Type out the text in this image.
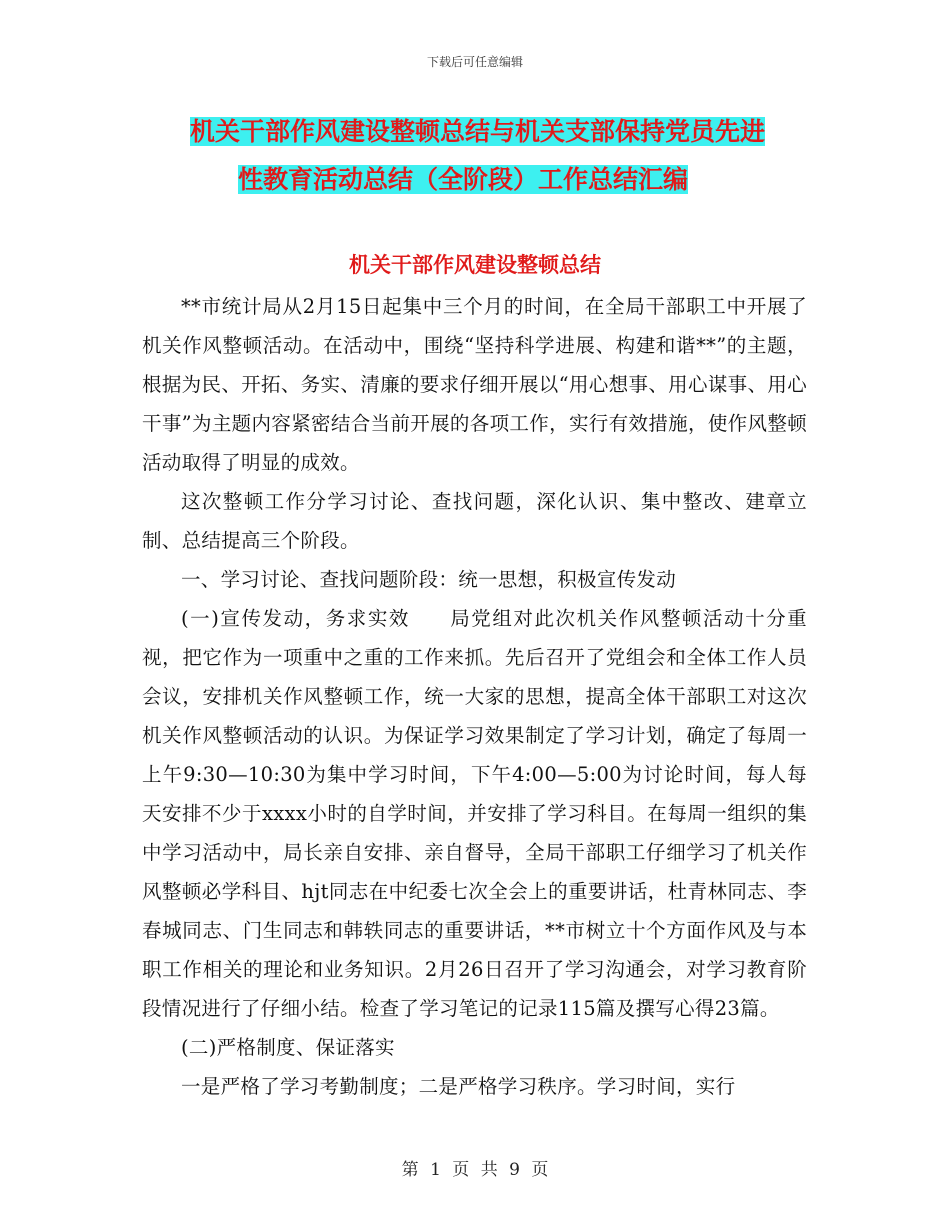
下载后可任意编辑
机关干部作风建设整顿总结与机关支部保持党员先进
性教育活动总结（全阶段）工作总结汇编
机关干部作风建设整顿总结

**市统计局从2月15日起集中三个月的时间，在全局干部职工中开展了机关作风整顿活动。在活动中，围绕“坚持科学进展、构建和谐**”的主题，根据为民、开拓、务实、清廉的要求仔细开展以“用心想事、用心谋事、用心干事”为主题内容紧密结合当前开展的各项工作，实行有效措施，使作风整顿活动取得了明显的成效。

这次整顿工作分学习讨论、查找问题，深化认识、集中整改、建章立制、总结提高三个阶段。

一、学习讨论、查找问题阶段：统一思想，积极宣传发动

(一)宣传发动，务求实效 局党组对此次机关作风整顿活动十分重视，把它作为一项重中之重的工作来抓。先后召开了党组会和全体工作人员会议，安排机关作风整顿工作，统一大家的思想，提高全体干部职工对这次机关作风整顿活动的认识。为保证学习效果制定了学习计划，确定了每周一上午9:30—10:30为集中学习时间，下午4:00—5:00为讨论时间，每人每天安排不少于xxxx小时的自学时间，并安排了学习科目。在每周一组织的集中学习活动中，局长亲自安排、亲自督导，全局干部职工仔细学习了机关作风整顿必学科目、hjt同志在中纪委七次全会上的重要讲话，杜青林同志、李春城同志、门生同志和韩轶同志的重要讲话，**市树立十个方面作风及与本职工作相关的理论和业务知识。2月26日召开了学习沟通会，对学习教育阶段情况进行了仔细小结。检查了学习笔记的记录115篇及撰写心得23篇。

(二)严格制度、保证落实

一是严格了学习考勤制度；二是严格学习秩序。学习时间，实行

第 1 页 共 9 页
